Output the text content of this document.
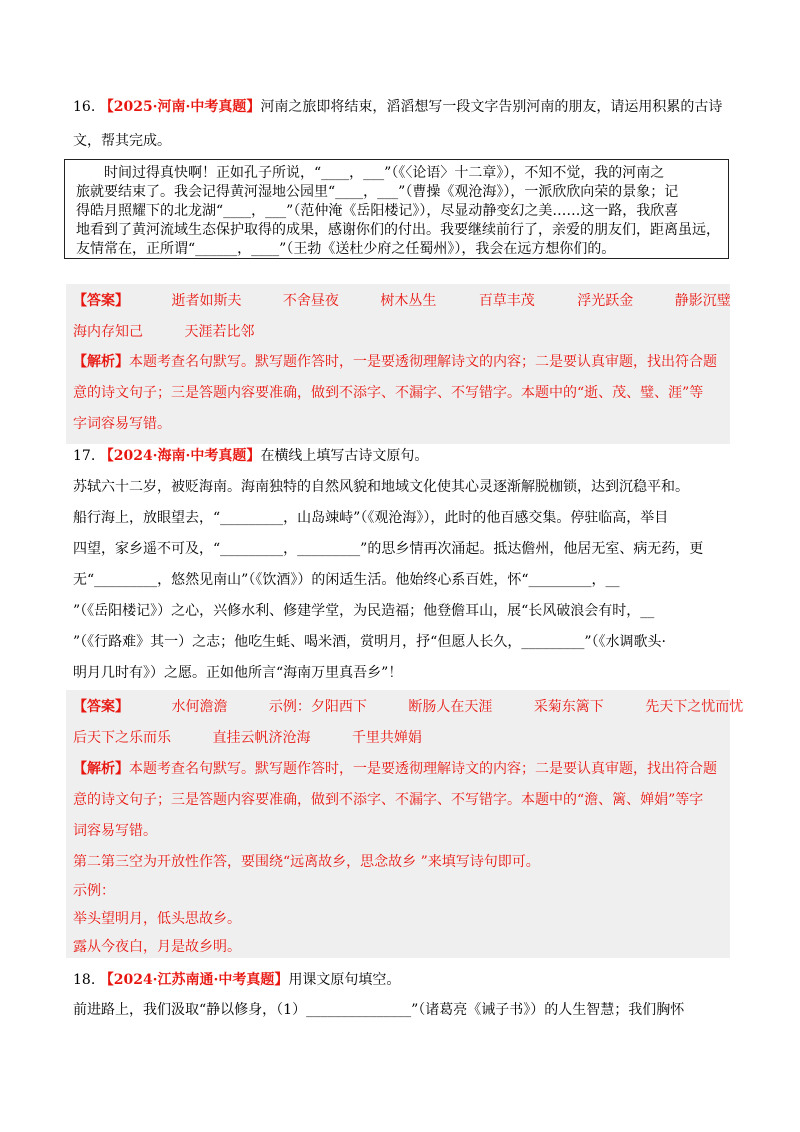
16. 【2025·河南·中考真题】河南之旅即将结束，滔滔想写一段文字告别河南的朋友，请运用积累的古诗
文，帮其完成。
时间过得真快啊！正如孔子所说，“____，___”（《〈论语〉十二章》），不知不觉，我的河南之
旅就要结束了。我会记得黄河湿地公园里“____，___”（曹操《观沧海》），一派欣欣向荣的景象；记
得皓月照耀下的北龙湖“____，___”（范仲淹《岳阳楼记》），尽显动静变幻之美……这一路，我欣喜
地看到了黄河流域生态保护取得的成果，感谢你们的付出。我要继续前行了，亲爱的朋友们，距离虽远，
友情常在，正所谓“______，____”（王勃《送杜少府之任蜀州》），我会在远方想你们的。
【答案】	逝者如斯夫	不舍昼夜	树木丛生	百草丰茂	浮光跃金	静影沉璧
海内存知己	天涯若比邻
【解析】本题考查名句默写。默写题作答时，一是要透彻理解诗文的内容；二是要认真审题，找出符合题
意的诗文句子；三是答题内容要准确，做到不添字、不漏字、不写错字。本题中的“逝、茂、璧、涯”等
字词容易写错。
17. 【2024·海南·中考真题】在横线上填写古诗文原句。
苏轼六十二岁，被贬海南。海南独特的自然风貌和地域文化使其心灵逐渐解脱枷锁，达到沉稳平和。
船行海上，放眼望去，“_________，山岛竦峙”（《观沧海》），此时的他百感交集。停驻临高，举目
四望，家乡遥不可及，“_________，_________”的思乡情再次涌起。抵达儋州，他居无室、病无药，更
无“_________，悠然见南山”（《饮酒》）的闲适生活。他始终心系百姓，怀“_________，__
”（《岳阳楼记》）之心，兴修水利、修建学堂，为民造福；他登儋耳山，展“长风破浪会有时，__
”（《行路难》其一）之志；他吃生蚝、喝米酒，赏明月，抒“但愿人长久，_________”（《水调歌头·
明月几时有》）之愿。正如他所言“海南万里真吾乡”！
【答案】	水何澹澹	示例：夕阳西下	断肠人在天涯	采菊东篱下	先天下之忧而忧
后天下之乐而乐	直挂云帆济沧海	千里共婵娟
【解析】本题考查名句默写。默写题作答时，一是要透彻理解诗文的内容；二是要认真审题，找出符合题
意的诗文句子；三是答题内容要准确，做到不添字、不漏字、不写错字。本题中的“澹、篱、婵娟”等字
词容易写错。
第二第三空为开放性作答，要围绕“远离故乡，思念故乡 ”来填写诗句即可。
示例：
举头望明月，低头思故乡。
露从今夜白，月是故乡明。
18. 【2024·江苏南通·中考真题】用课文原句填空。
前进路上，我们汲取“静以修身，（1）_______________”（诸葛亮《诫子书》）的人生智慧；我们胸怀
